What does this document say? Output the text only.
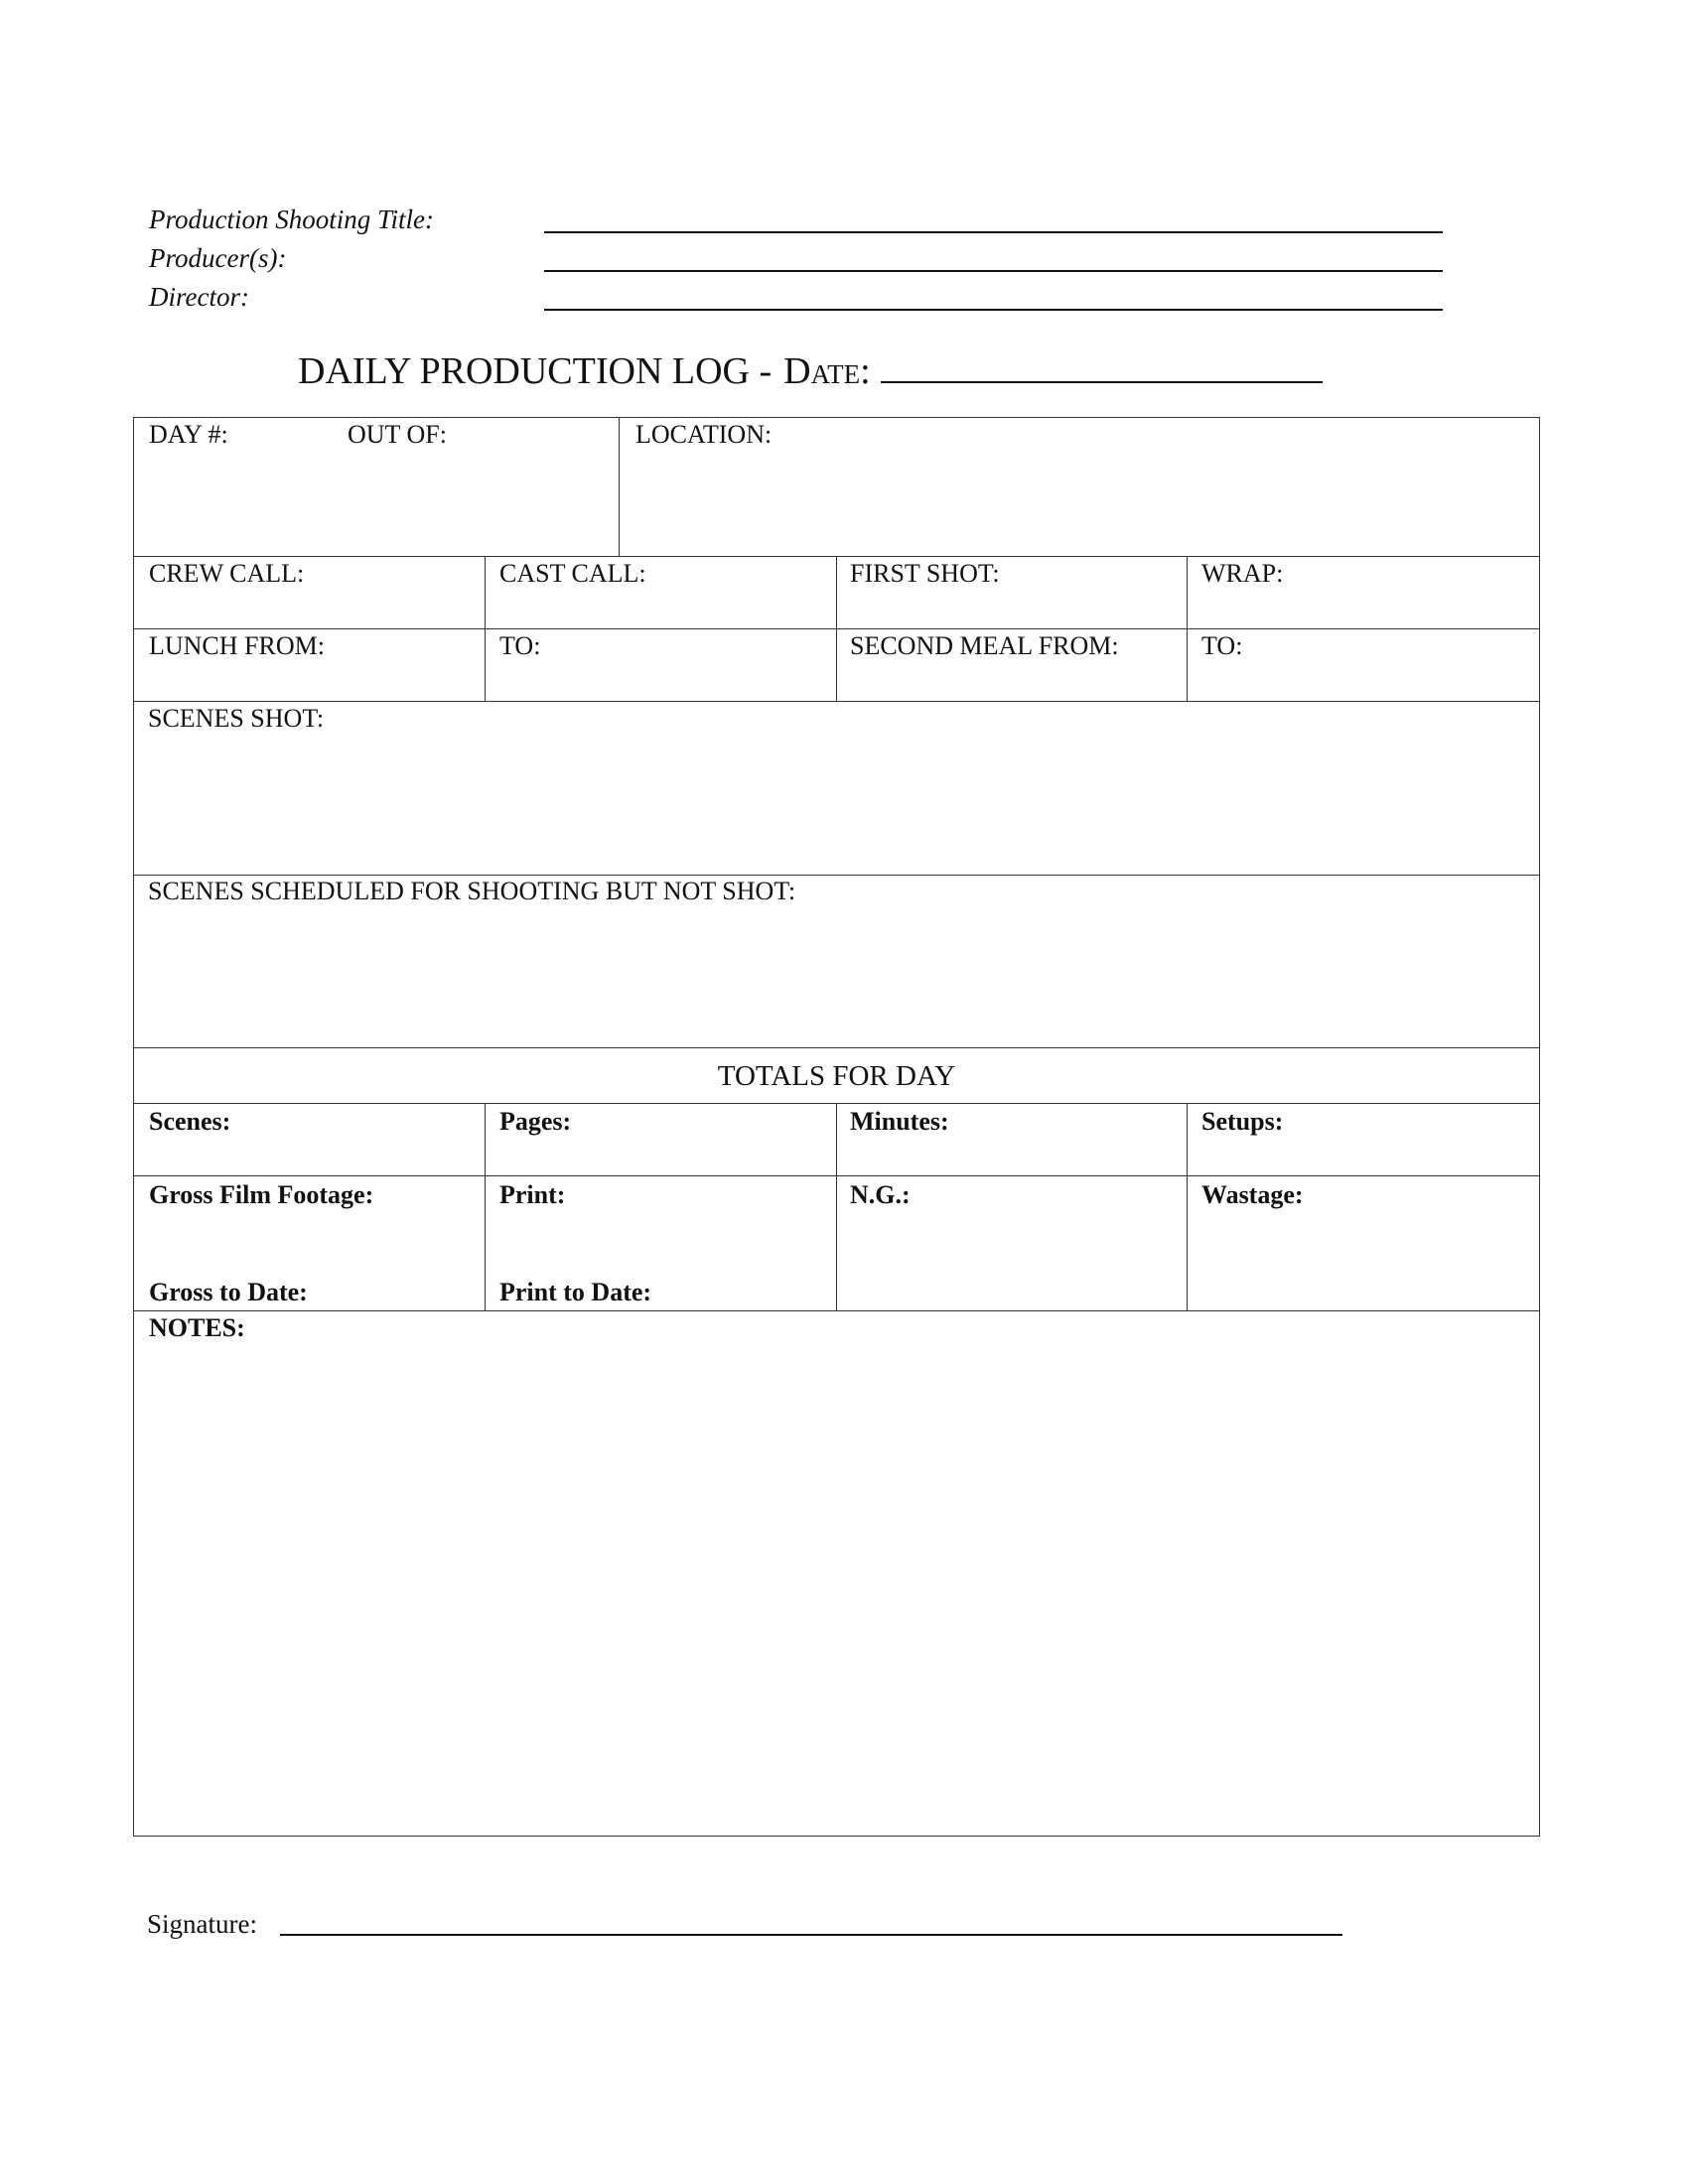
Production Shooting Title:
Producer(s):
Director:
DAILY PRODUCTION LOG - Date:
DAY #:	OUT OF:	LOCATION:
CREW CALL:	CAST CALL:	FIRST SHOT:	WRAP:
LUNCH FROM:	TO:	SECOND MEAL FROM:	TO:
SCENES SHOT:
SCENES SCHEDULED FOR SHOOTING BUT NOT SHOT:
TOTALS FOR DAY
Scenes:	Pages:	Minutes:	Setups:
Gross Film Footage:	Print:	N.G.:	Wastage:
Gross to Date:	Print to Date:
NOTES:
Signature:
